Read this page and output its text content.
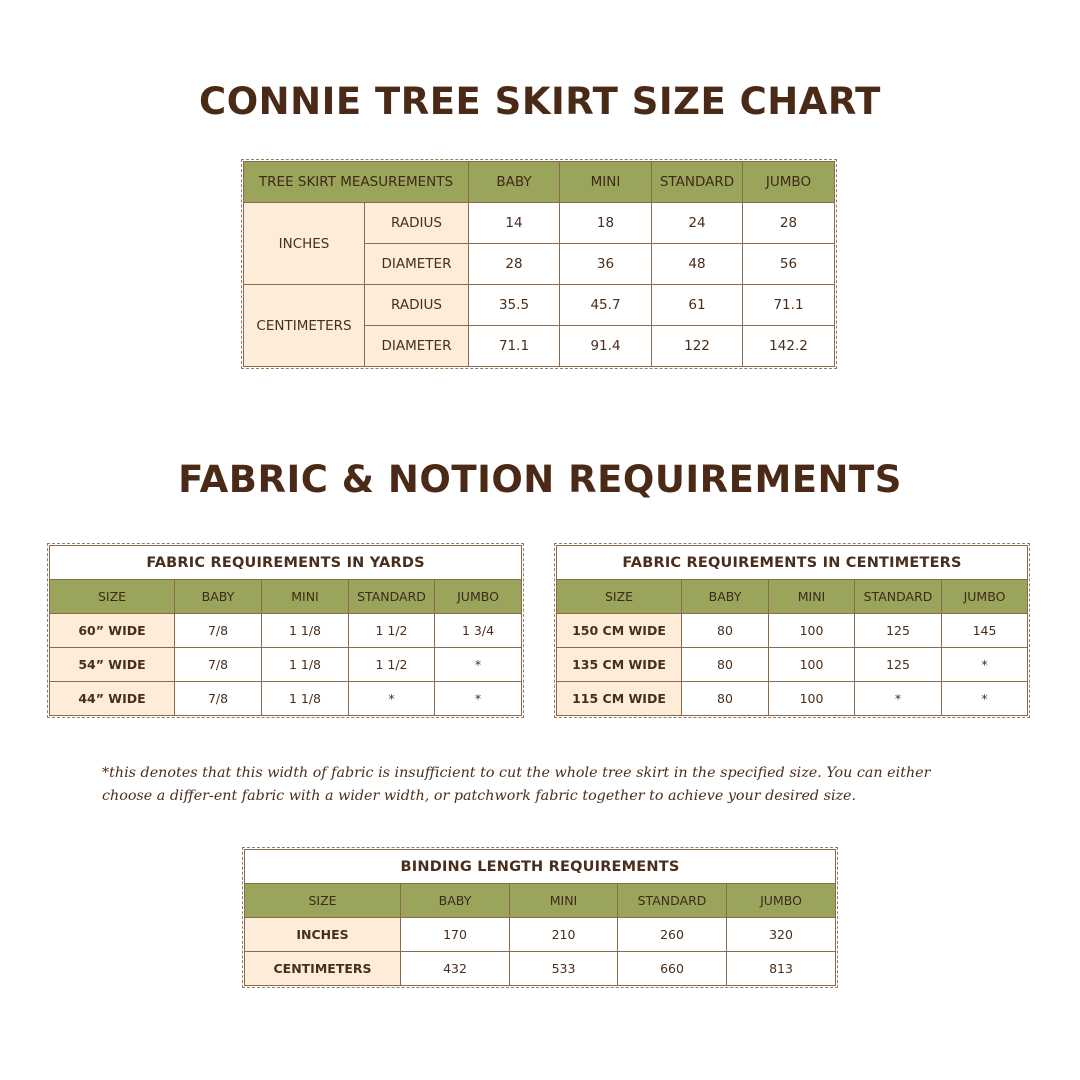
CONNIE TREE SKIRT SIZE CHART
TREE SKIRT MEASUREMENTS		BABY	MINI	STANDARD	JUMBO
INCHES	RADIUS	14	18	24	28
	DIAMETER	28	36	48	56
CENTIMETERS	RADIUS	35.5	45.7	61	71.1
	DIAMETER	71.1	91.4	122	142.2
FABRIC & NOTION REQUIREMENTS
FABRIC REQUIREMENTS IN YARDS				
SIZE	BABY	MINI	STANDARD	JUMBO
60” WIDE	7/8	1 1/8	1 1/2	1 3/4
54” WIDE	7/8	1 1/8	1 1/2	*
44” WIDE	7/8	1 1/8	*	*
FABRIC REQUIREMENTS IN CENTIMETERS				
SIZE	BABY	MINI	STANDARD	JUMBO
150 CM WIDE	80	100	125	145
135 CM WIDE	80	100	125	*
115 CM WIDE	80	100	*	*
*this denotes that this width of fabric is insufficient to cut the whole tree skirt in the specified size. You can either choose a differ-ent fabric with a wider width, or patchwork fabric together to achieve your desired size.
BINDING LENGTH REQUIREMENTS				
SIZE	BABY	MINI	STANDARD	JUMBO
INCHES	170	210	260	320
CENTIMETERS	432	533	660	813
